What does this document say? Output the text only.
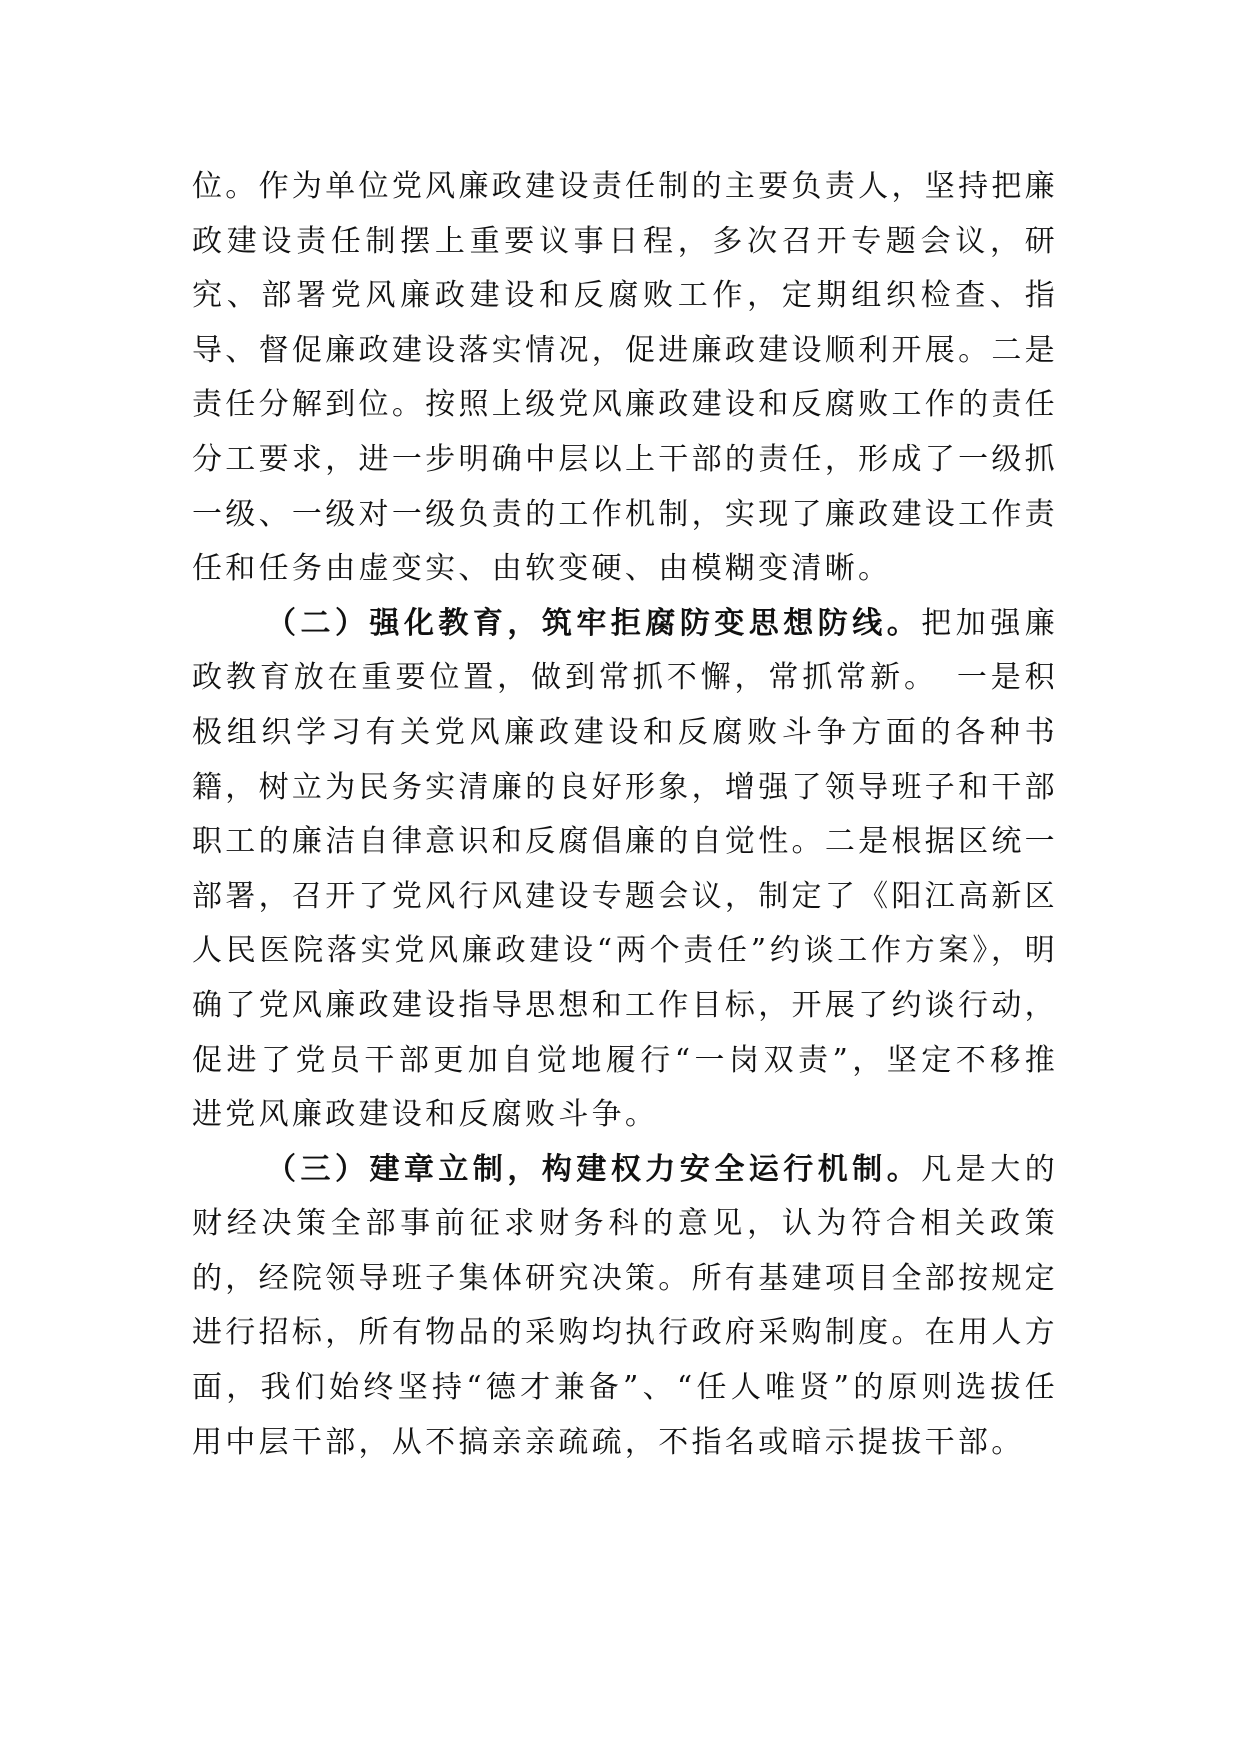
位。作为单位党风廉政建设责任制的主要负责人，坚持把廉政建设责任制摆上重要议事日程，多次召开专题会议，研究、部署党风廉政建设和反腐败工作，定期组织检查、指导、督促廉政建设落实情况，促进廉政建设顺利开展。二是责任分解到位。按照上级党风廉政建设和反腐败工作的责任分工要求，进一步明确中层以上干部的责任，形成了一级抓一级、一级对一级负责的工作机制，实现了廉政建设工作责任和任务由虚变实、由软变硬、由模糊变清晰。

（二）强化教育，筑牢拒腐防变思想防线。把加强廉政教育放在重要位置，做到常抓不懈，常抓常新。　一是积极组织学习有关党风廉政建设和反腐败斗争方面的各种书籍，树立为民务实清廉的良好形象，增强了领导班子和干部职工的廉洁自律意识和反腐倡廉的自觉性。二是根据区统一部署，召开了党风行风建设专题会议，制定了《阳江高新区人民医院落实党风廉政建设“两个责任”约谈工作方案》，明确了党风廉政建设指导思想和工作目标，开展了约谈行动，促进了党员干部更加自觉地履行“一岗双责”，坚定不移推进党风廉政建设和反腐败斗争。

（三）建章立制，构建权力安全运行机制。凡是大的财经决策全部事前征求财务科的意见，认为符合相关政策的，经院领导班子集体研究决策。所有基建项目全部按规定进行招标，所有物品的采购均执行政府采购制度。在用人方面，我们始终坚持“德才兼备”、“任人唯贤”的原则选拔任用中层干部，从不搞亲亲疏疏，不指名或暗示提拔干部。
